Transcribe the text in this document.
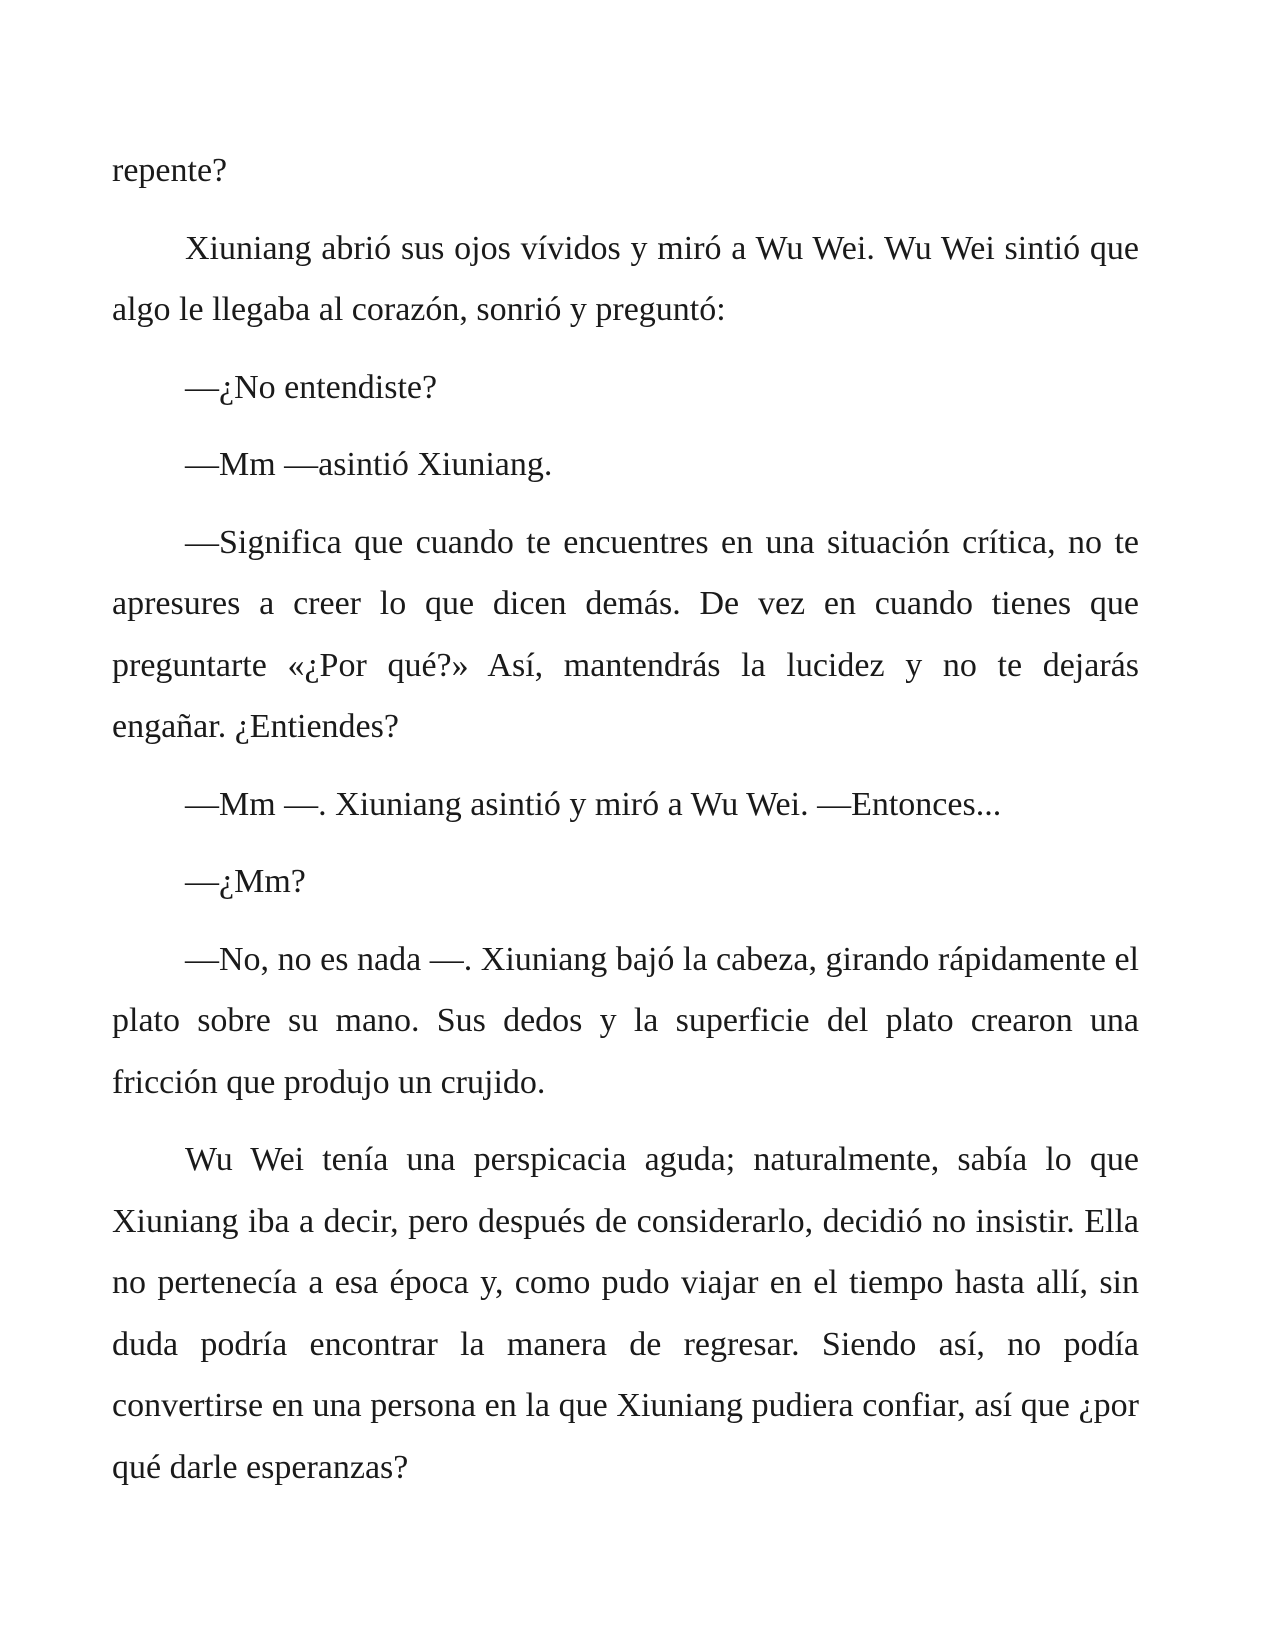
repente?

Xiuniang abrió sus ojos vívidos y miró a Wu Wei. Wu Wei sintió que algo le llegaba al corazón, sonrió y preguntó:

—¿No entendiste?

—Mm —asintió Xiuniang.

—Significa que cuando te encuentres en una situación crítica, no te apresures a creer lo que dicen demás. De vez en cuando tienes que preguntarte «¿Por qué?» Así, mantendrás la lucidez y no te dejarás engañar. ¿Entiendes?

—Mm —. Xiuniang asintió y miró a Wu Wei. —Entonces...

—¿Mm?

—No, no es nada —. Xiuniang bajó la cabeza, girando rápidamente el plato sobre su mano. Sus dedos y la superficie del plato crearon una fricción que produjo un crujido.

Wu Wei tenía una perspicacia aguda; naturalmente, sabía lo que Xiuniang iba a decir, pero después de considerarlo, decidió no insistir. Ella no pertenecía a esa época y, como pudo viajar en el tiempo hasta allí, sin duda podría encontrar la manera de regresar. Siendo así, no podía convertirse en una persona en la que Xiuniang pudiera confiar, así que ¿por qué darle esperanzas?
